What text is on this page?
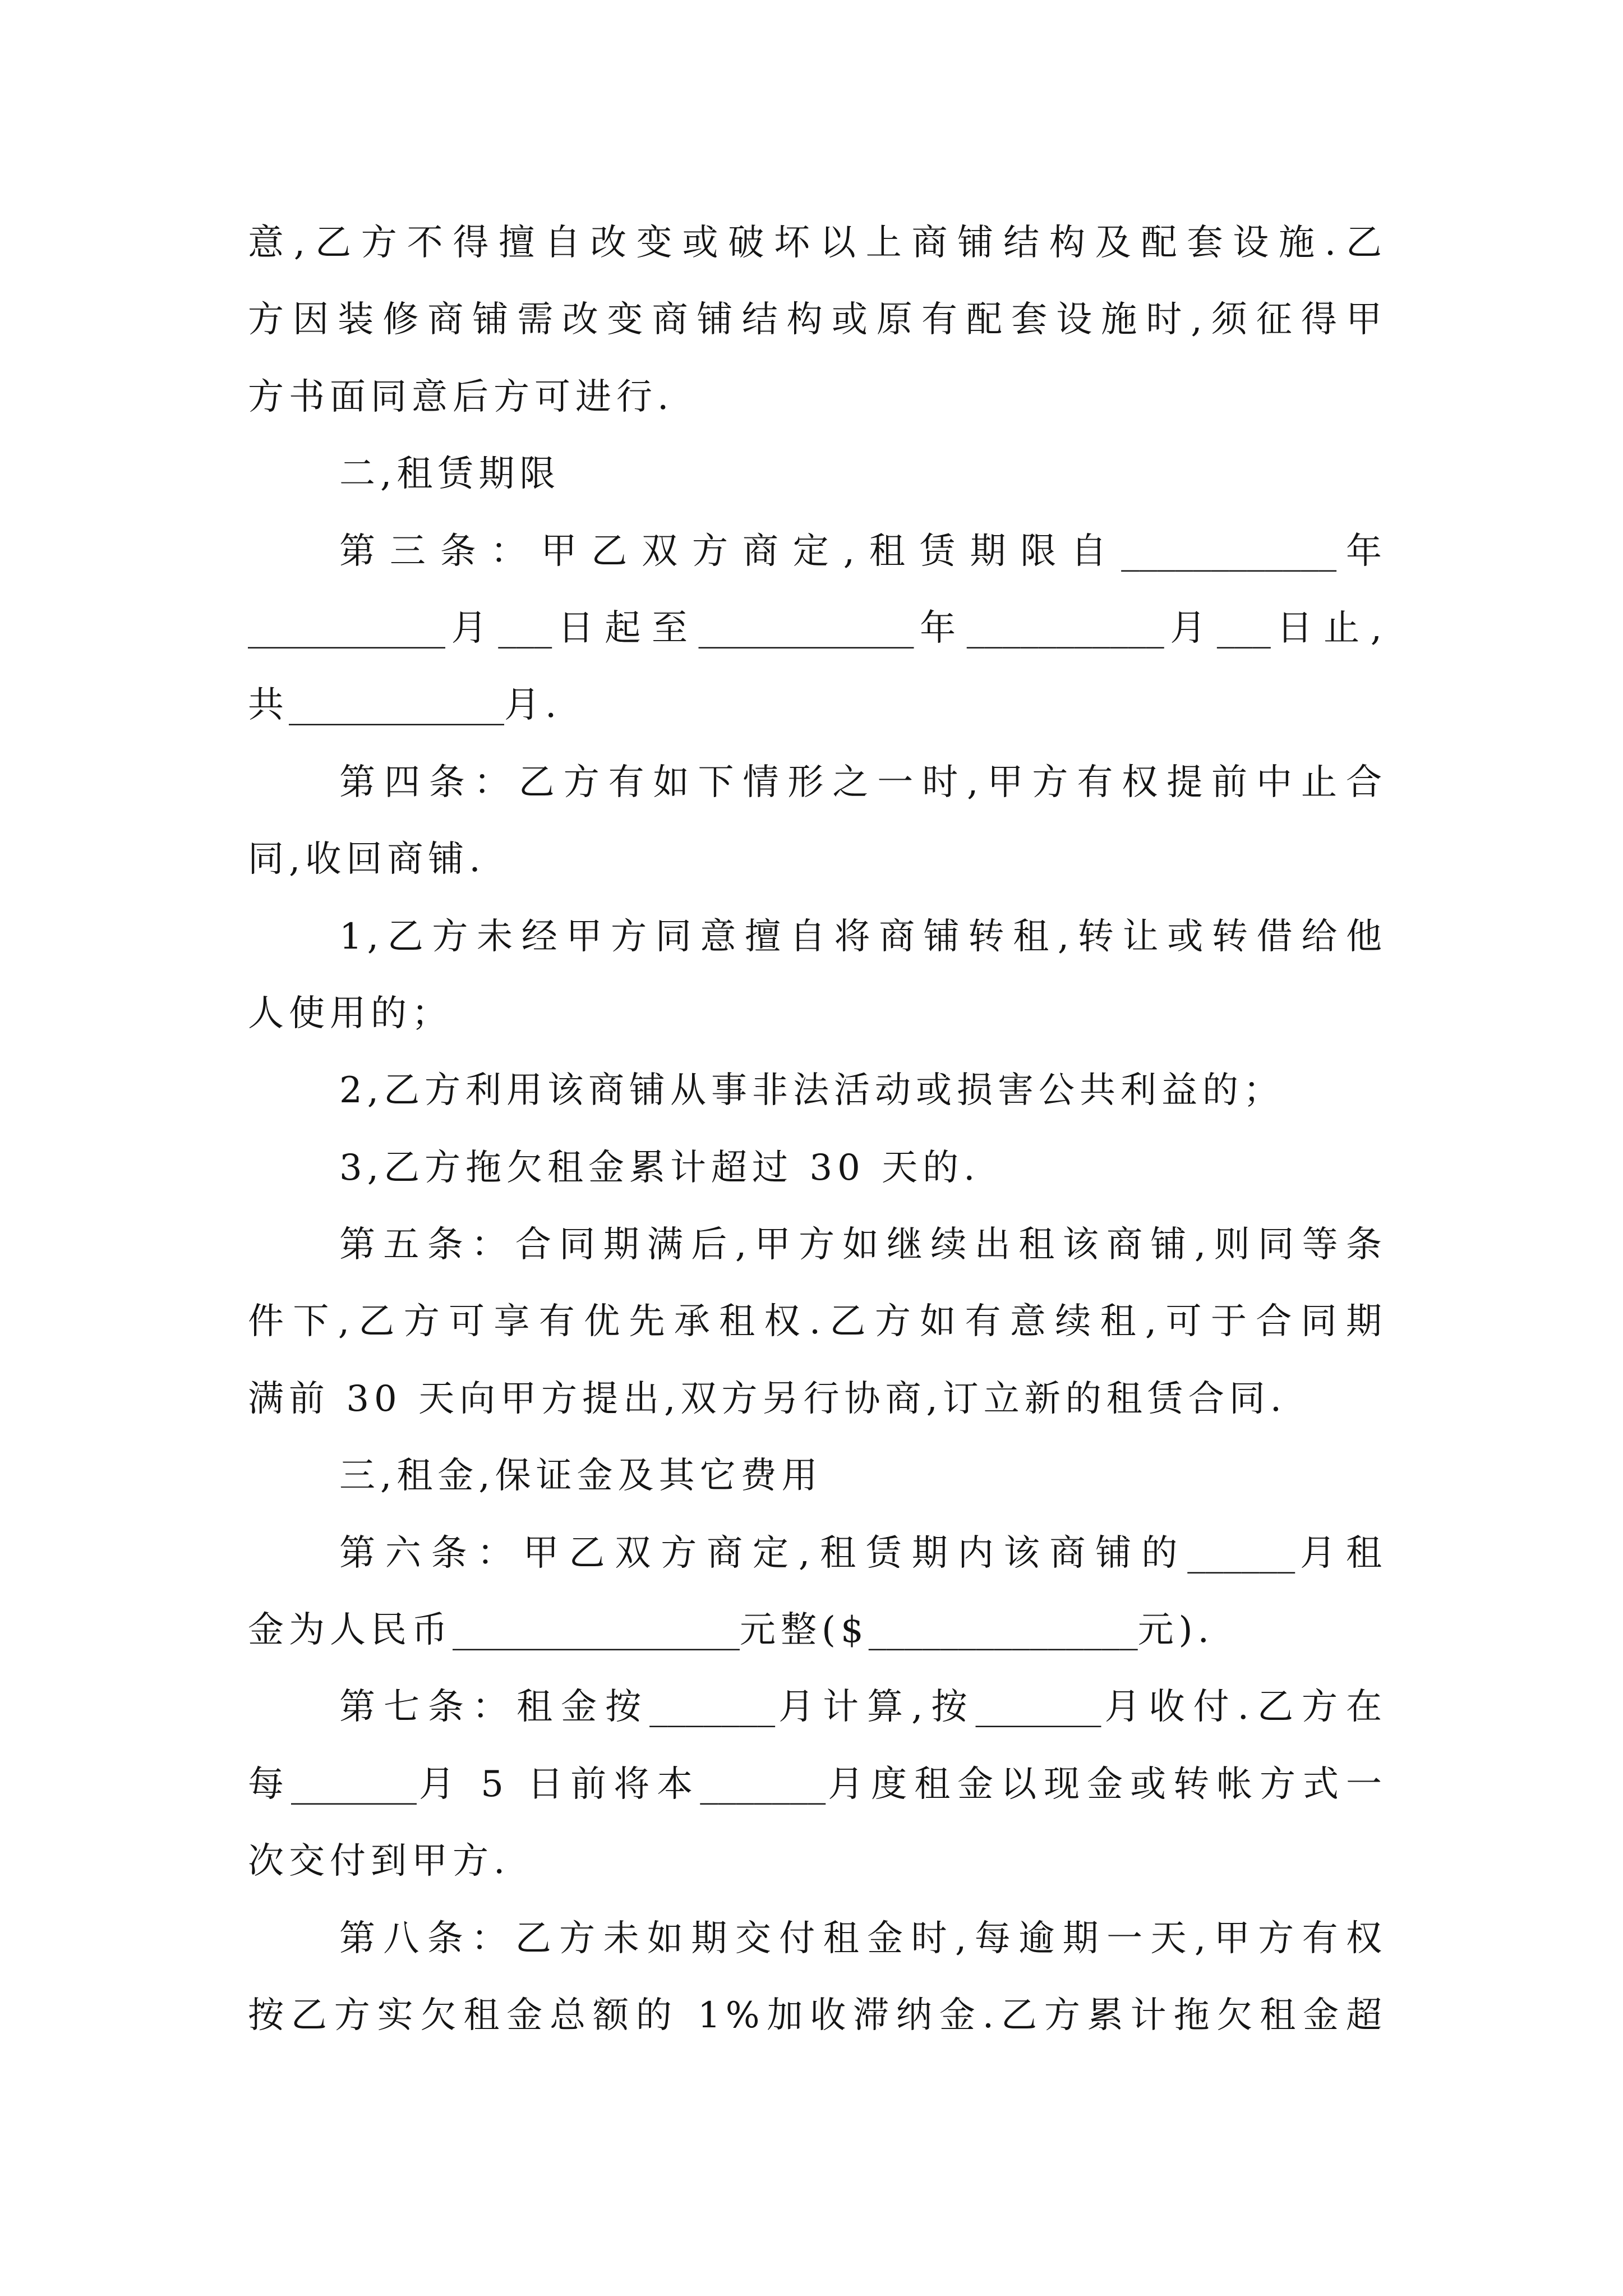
意,乙方不得擅自改变或破坏以上商铺结构及配套设施.乙
方因装修商铺需改变商铺结构或原有配套设施时,须征得甲
方书面同意后方可进行.
二,租赁期限
第三条：甲乙双方商定,租赁期限自____________年
___________月___日起至____________年___________月___日止,
共____________月.
第四条：乙方有如下情形之一时,甲方有权提前中止合
同,收回商铺.
1,乙方未经甲方同意擅自将商铺转租,转让或转借给他
人使用的；
2,乙方利用该商铺从事非法活动或损害公共利益的；
3,乙方拖欠租金累计超过 30 天的.
第五条：合同期满后,甲方如继续出租该商铺,则同等条
件下,乙方可享有优先承租权.乙方如有意续租,可于合同期
满前 30 天向甲方提出,双方另行协商,订立新的租赁合同.
三,租金,保证金及其它费用
第六条：甲乙双方商定,租赁期内该商铺的______月租
金为人民币________________元整($_______________元).
第七条：租金按_______月计算,按_______月收付.乙方在
每_______月 5 日前将本_______月度租金以现金或转帐方式一
次交付到甲方.
第八条：乙方未如期交付租金时,每逾期一天,甲方有权
按乙方实欠租金总额的 1%加收滞纳金.乙方累计拖欠租金超
